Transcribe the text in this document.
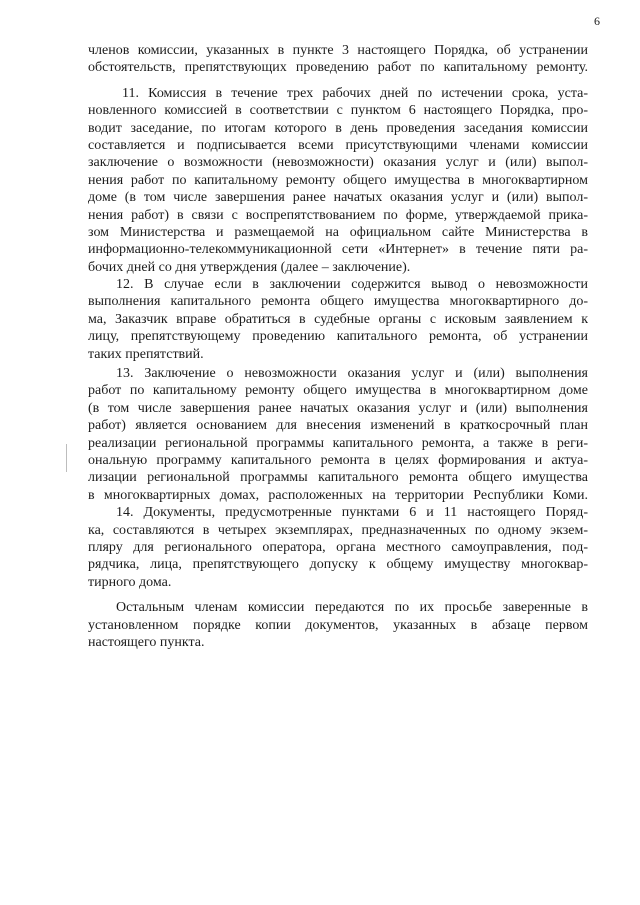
6
членов комиссии, указанных в пункте 3 настоящего Порядка, об устранении
обстоятельств, препятствующих проведению работ по капитальному ремонту.
11. Комиссия в течение трех рабочих дней по истечении срока, уста-
новленного комиссией в соответствии с пунктом 6 настоящего Порядка, про-
водит заседание, по итогам которого в день проведения заседания комиссии
составляется и подписывается всеми присутствующими членами комиссии
заключение о возможности (невозможности) оказания услуг и (или) выпол-
нения работ по капитальному ремонту общего имущества в многоквартирном
доме (в том числе завершения ранее начатых оказания услуг и (или) выпол-
нения работ) в связи с воспрепятствованием по форме, утверждаемой прика-
зом Министерства и размещаемой на официальном сайте Министерства в
информационно-телекоммуникационной сети «Интернет» в течение пяти ра-
бочих дней со дня утверждения (далее – заключение).
12. В случае если в заключении содержится вывод о невозможности
выполнения капитального ремонта общего имущества многоквартирного до-
ма, Заказчик вправе обратиться в судебные органы с исковым заявлением к
лицу, препятствующему проведению капитального ремонта, об устранении
таких препятствий.
13. Заключение о невозможности оказания услуг и (или) выполнения
работ по капитальному ремонту общего имущества в многоквартирном доме
(в том числе завершения ранее начатых оказания услуг и (или) выполнения
работ) является основанием для внесения изменений в краткосрочный план
реализации региональной программы капитального ремонта, а также в реги-
ональную программу капитального ремонта в целях формирования и актуа-
лизации региональной программы капитального ремонта общего имущества
в многоквартирных домах, расположенных на территории Республики Коми.
14. Документы, предусмотренные пунктами 6 и 11 настоящего Поряд-
ка, составляются в четырех экземплярах, предназначенных по одному экзем-
пляру для регионального оператора, органа местного самоуправления, под-
рядчика, лица, препятствующего допуску к общему имуществу многоквар-
тирного дома.
Остальным членам комиссии передаются по их просьбе заверенные в
установленном порядке копии документов, указанных в абзаце первом
настоящего пункта.
